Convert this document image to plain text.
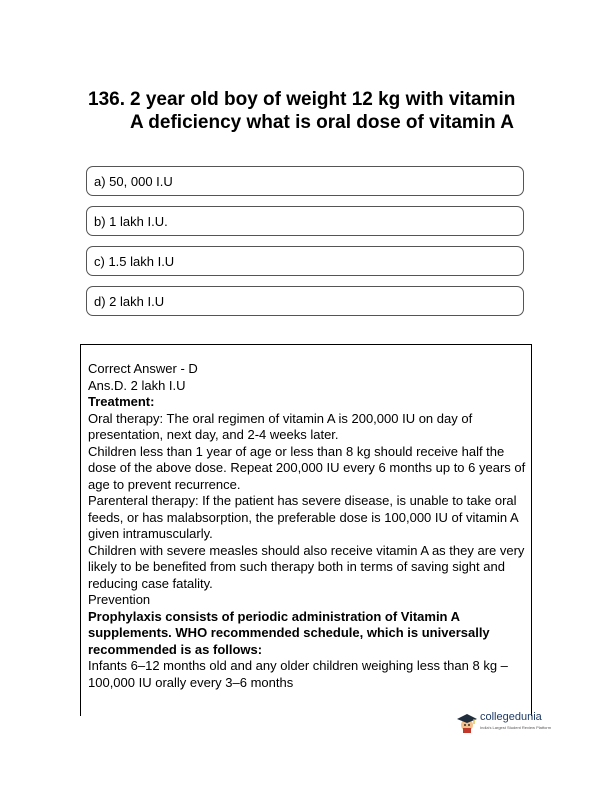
136. 2 year old boy of weight 12 kg with vitamin A deficiency what is oral dose of vitamin A
a) 50, 000 I.U
b) 1 lakh I.U.
c) 1.5 lakh I.U
d) 2 lakh I.U

Correct Answer - D

Ans.D. 2 lakh I.U

Treatment:

Oral therapy: The oral regimen of vitamin A is 200,000 IU on day of presentation, next day, and 2-4 weeks later.
Children less than 1 year of age or less than 8 kg should receive half the dose of the above dose. Repeat 200,000 IU every 6 months up to 6 years of age to prevent recurrence.
Parenteral therapy: If the patient has severe disease, is unable to take oral feeds, or has malabsorption, the preferable dose is 100,000 IU of vitamin A given intramuscularly.
Children with severe measles should also receive vitamin A as they are very likely to be benefited from such therapy both in terms of saving sight and reducing case fatality.
Prevention

Prophylaxis consists of periodic administration of Vitamin A supplements. WHO recommended schedule, which is universally recommended is as follows:

Infants 6–12 months old and any older children weighing less than 8 kg – 100,000 IU orally every 3–6 months
collegedunia
India's Largest Student Review Platform
